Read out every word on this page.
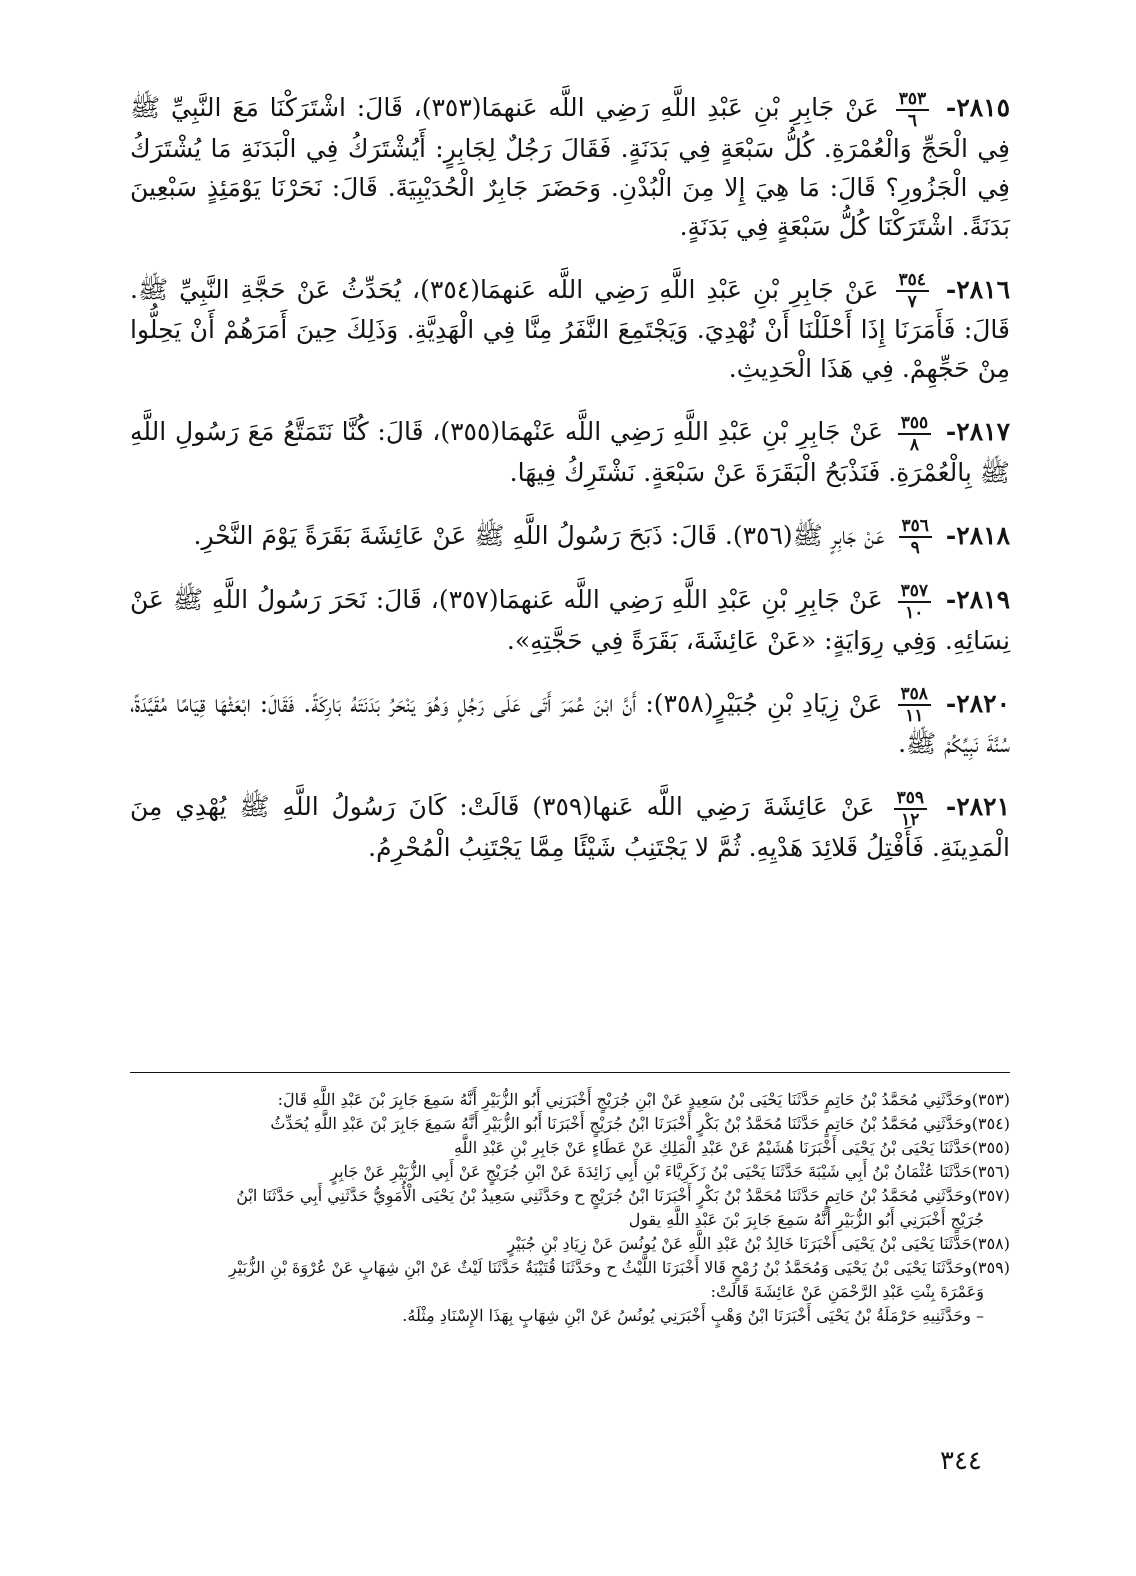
٢٨١٥-
$\frac{٣٥٣}{٦}$
عَنْ جَابِرِ بْنِ عَبْدِ اللَّهِ رَضِي اللَّه عَنهمَا(٣٥٣)، قَالَ: اشْتَرَكْنَا مَعَ النَّبِيِّ ﷺ فِي الْحَجِّ وَالْعُمْرَةِ. كُلُّ سَبْعَةٍ فِي بَدَنَةٍ. فَقَالَ رَجُلٌ لِجَابِرٍ: أَيُشْتَرَكُ فِي الْبَدَنَةِ مَا يُشْتَرَكُ فِي الْجَزُورِ؟ قَالَ: مَا هِيَ إِلا مِنَ الْبُدْنِ. وَحَضَرَ جَابِرٌ الْحُدَيْبِيَةَ. قَالَ: نَحَرْنَا يَوْمَئِذٍ سَبْعِينَ بَدَنَةً. اشْتَرَكْنَا كُلُّ سَبْعَةٍ فِي بَدَنَةٍ.

٢٨١٦-
$\frac{٣٥٤}{٧}$
عَنْ جَابِرِ بْنِ عَبْدِ اللَّهِ رَضِي اللَّه عَنهمَا(٣٥٤)، يُحَدِّثُ عَنْ حَجَّةِ النَّبِيِّ ﷺ. قَالَ: فَأَمَرَنَا إِذَا أَحْلَلْنَا أَنْ نُهْدِيَ. وَيَجْتَمِعَ النَّفَرُ مِنَّا فِي الْهَدِيَّةِ. وَذَلِكَ حِينَ أَمَرَهُمْ أَنْ يَحِلُّوا مِنْ حَجِّهِمْ. فِي هَذَا الْحَدِيثِ.

٢٨١٧-
$\frac{٣٥٥}{٨}$
عَنْ جَابِرِ بْنِ عَبْدِ اللَّهِ رَضِي اللَّه عَنْهمَا(٣٥٥)، قَالَ: كُنَّا نَتَمَتَّعُ مَعَ رَسُولِ اللَّهِ ﷺ بِالْعُمْرَةِ. فَنَذْبَحُ الْبَقَرَةَ عَنْ سَبْعَةٍ. نَشْتَرِكُ فِيهَا.

٢٨١٨-
$\frac{٣٥٦}{٩}$
عَنْ جَابِرٍ ﷺ(٣٥٦). قَالَ: ذَبَحَ رَسُولُ اللَّهِ ﷺ عَنْ عَائِشَةَ بَقَرَةً يَوْمَ النَّحْرِ.

٢٨١٩-
$\frac{٣٥٧}{١٠}$
عَنْ جَابِرِ بْنِ عَبْدِ اللَّهِ رَضِي اللَّه عَنهمَا(٣٥٧)، قَالَ: نَحَرَ رَسُولُ اللَّهِ ﷺ عَنْ نِسَائِهِ. وَفِي رِوَايَةٍ: «عَنْ عَائِشَةَ، بَقَرَةً فِي حَجَّتِهِ».

٢٨٢٠-
$\frac{٣٥٨}{١١}$
عَنْ زِيَادِ بْنِ جُبَيْرٍ(٣٥٨): أَنَّ ابْنَ عُمَرَ أَتَى عَلَى رَجُلٍ وَهُوَ يَنْحَرُ بَدَنَتَهُ بَارِكَةً. فَقَالَ: ابْعَثْهَا قِيَامًا مُقَيَّدَةً، سُنَّةَ نَبِيِّكُمْ ﷺ.

٢٨٢١-
$\frac{٣٥٩}{١٢}$
عَنْ عَائِشَةَ رَضِي اللَّه عَنها(٣٥٩) قَالَتْ: كَانَ رَسُولُ اللَّهِ ﷺ يُهْدِي مِنَ الْمَدِينَةِ. فَأَفْتِلُ قَلائِدَ هَدْيِهِ. ثُمَّ لا يَجْتَنِبُ شَيْئًا مِمَّا يَجْتَنِبُ الْمُحْرِمُ.

(٣٥٣)وحَدَّثَنِي مُحَمَّدُ بْنُ حَاتِمٍ حَدَّثَنَا يَحْيَى بْنُ سَعِيدٍ عَنْ ابْنِ جُرَيْجٍ أَخْبَرَنِي أَبُو الزُّبَيْرِ أَنَّهُ سَمِعَ جَابِرَ بْنَ عَبْدِ اللَّهِ قَالَ:

(٣٥٤)وحَدَّثَنِي مُحَمَّدُ بْنُ حَاتِمٍ حَدَّثَنَا مُحَمَّدُ بْنُ بَكْرٍ أَخْبَرَنَا ابْنُ جُرَيْجٍ أَخْبَرَنَا أَبُو الزُّبَيْرِ أَنَّهُ سَمِعَ جَابِرَ بْنَ عَبْدِ اللَّهِ يُحَدِّثُ

(٣٥٥)حَدَّثَنَا يَحْيَى بْنُ يَحْيَى أَخْبَرَنَا هُشَيْمٌ عَنْ عَبْدِ الْمَلِكِ عَنْ عَطَاءٍ عَنْ جَابِرِ بْنِ عَبْدِ اللَّهِ

(٣٥٦)حَدَّثَنَا عُثْمَانُ بْنُ أَبِي شَيْبَةَ حَدَّثَنَا يَحْيَى بْنُ زَكَرِيَّاءَ بْنِ أَبِي زَائِدَةَ عَنْ ابْنِ جُرَيْجٍ عَنْ أَبِي الزُّبَيْرِ عَنْ جَابِرٍ

(٣٥٧)وحَدَّثَنِي مُحَمَّدُ بْنُ حَاتِمٍ حَدَّثَنَا مُحَمَّدُ بْنُ بَكْرٍ أَخْبَرَنَا ابْنُ جُرَيْجٍ ح وحَدَّثَنِي سَعِيدُ بْنُ يَحْيَى الْأُمَوِيُّ حَدَّثَنِي أَبِي حَدَّثَنَا ابْنُ

جُرَيْجٍ أَخْبَرَنِي أَبُو الزُّبَيْرِ أَنَّهُ سَمِعَ جَابِرَ بْنَ عَبْدِ اللَّهِ يقول

(٣٥٨)حَدَّثَنَا يَحْيَى بْنُ يَحْيَى أَخْبَرَنَا خَالِدُ بْنُ عَبْدِ اللَّهِ عَنْ يُونُسَ عَنْ زِيَادِ بْنِ جُبَيْرٍ

(٣٥٩)وحَدَّثَنَا يَحْيَى بْنُ يَحْيَى وَمُحَمَّدُ بْنُ رُمْحٍ قَالا أَخْبَرَنَا اللَّيْثُ ح وحَدَّثَنَا قُتَيْبَةُ حَدَّثَنَا لَيْثٌ عَنْ ابْنِ شِهَابٍ عَنْ عُرْوَةَ بْنِ الزُّبَيْرِ

وَعَمْرَةَ بِنْتِ عَبْدِ الرَّحْمَنِ عَنْ عَائِشَةَ قَالَتْ:

– وحَدَّثَنِيهِ حَرْمَلَةُ بْنُ يَحْيَى أَخْبَرَنَا ابْنُ وَهْبٍ أَخْبَرَنِي يُونُسُ عَنْ ابْنِ شِهَابٍ بِهَذَا الإِسْنَادِ مِثْلَهُ.

٣٤٤
